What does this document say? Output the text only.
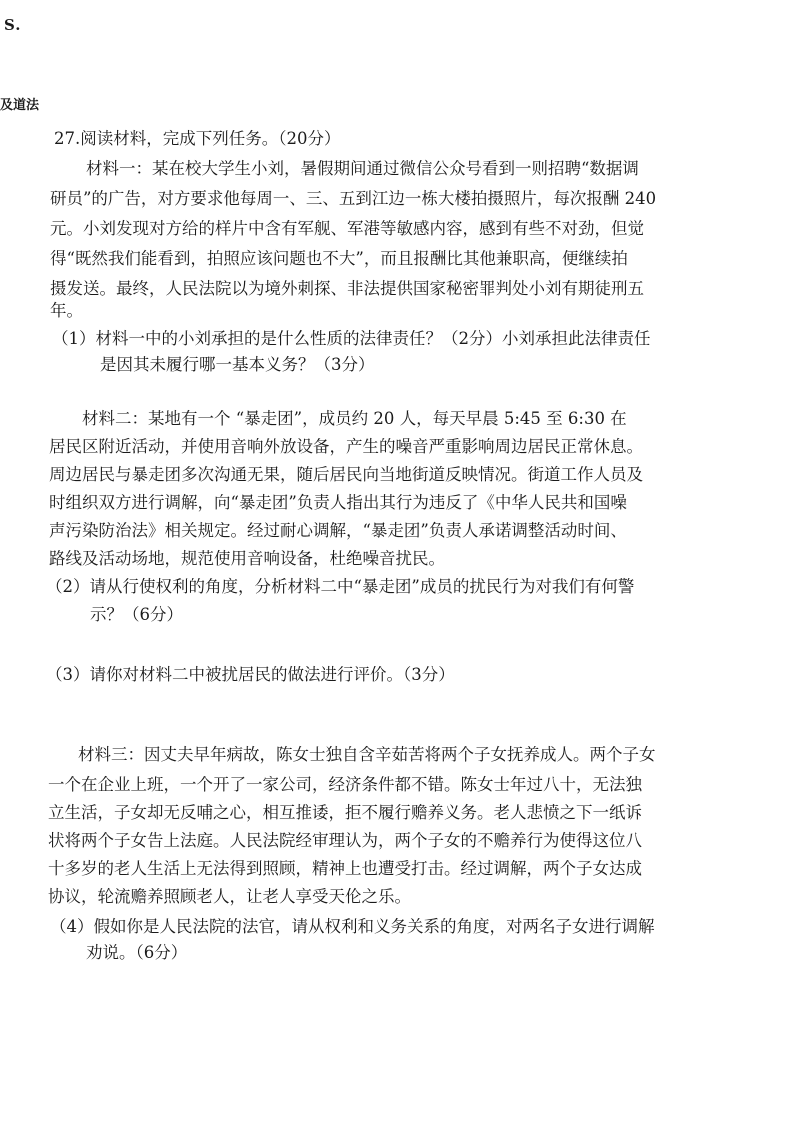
S.
及道法
27.阅读材料，完成下列任务。（20分）
材料一：某在校大学生小刘，暑假期间通过微信公众号看到一则招聘“数据调
研员”的广告，对方要求他每周一、三、五到江边一栋大楼拍摄照片，每次报酬 240
元。小刘发现对方给的样片中含有军舰、军港等敏感内容，感到有些不对劲，但觉
得“既然我们能看到，拍照应该问题也不大”，而且报酬比其他兼职高，便继续拍
摄发送。最终，人民法院以为境外刺探、非法提供国家秘密罪判处小刘有期徒刑五
年。
（1）材料一中的小刘承担的是什么性质的法律责任？（2分）小刘承担此法律责任
是因其未履行哪一基本义务？（3分）
材料二：某地有一个 “暴走团”，成员约 20 人，每天早晨 5:45 至 6:30 在
居民区附近活动，并使用音响外放设备，产生的噪音严重影响周边居民正常休息。
周边居民与暴走团多次沟通无果，随后居民向当地街道反映情况。街道工作人员及
时组织双方进行调解，向“暴走团”负责人指出其行为违反了《中华人民共和国噪
声污染防治法》相关规定。经过耐心调解，“暴走团”负责人承诺调整活动时间、
路线及活动场地，规范使用音响设备，杜绝噪音扰民。
（2）请从行使权利的角度，分析材料二中“暴走团”成员的扰民行为对我们有何警
示？（6分）
（3）请你对材料二中被扰居民的做法进行评价。（3分）
材料三：因丈夫早年病故，陈女士独自含辛茹苦将两个子女抚养成人。两个子女
一个在企业上班，一个开了一家公司，经济条件都不错。陈女士年过八十，无法独
立生活，子女却无反哺之心，相互推诿，拒不履行赡养义务。老人悲愤之下一纸诉
状将两个子女告上法庭。人民法院经审理认为，两个子女的不赡养行为使得这位八
十多岁的老人生活上无法得到照顾，精神上也遭受打击。经过调解，两个子女达成
协议，轮流赡养照顾老人，让老人享受天伦之乐。
（4）假如你是人民法院的法官，请从权利和义务关系的角度，对两名子女进行调解
劝说。（6分）
